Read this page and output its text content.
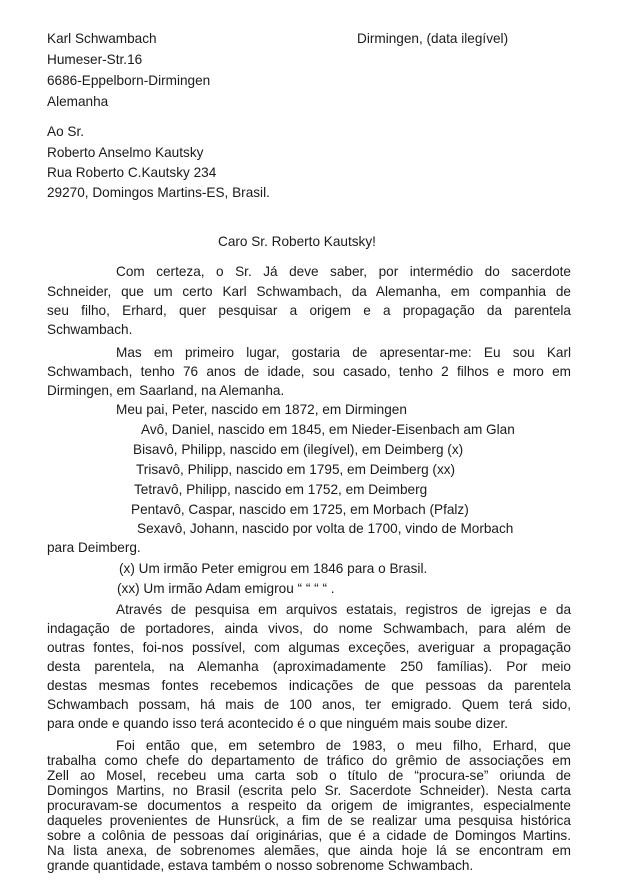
Karl Schwambach
Humeser-Str.16
6686-Eppelborn-Dirmingen
Alemanha
Dirmingen, (data ilegível)
Ao Sr.
Roberto Anselmo Kautsky
Rua Roberto C.Kautsky 234
29270, Domingos Martins-ES, Brasil.
Caro Sr. Roberto Kautsky!
Com certeza, o Sr. Já deve saber, por intermédio do sacerdote
Schneider, que um certo Karl Schwambach, da Alemanha, em companhia de
seu filho, Erhard, quer pesquisar a origem e a propagação da parentela
Schwambach.
Mas em primeiro lugar, gostaria de apresentar-me: Eu sou Karl
Schwambach, tenho 76 anos de idade, sou casado, tenho 2 filhos e moro em
Dirmingen, em Saarland, na Alemanha.
Meu pai, Peter, nascido em 1872, em Dirmingen
Avô, Daniel, nascido em 1845, em Nieder-Eisenbach am Glan
Bisavô, Philipp, nascido em (ilegível), em Deimberg (x)
Trisavô, Philipp, nascido em 1795, em Deimberg (xx)
Tetravô, Philipp, nascido em 1752, em Deimberg
Pentavô, Caspar, nascido em 1725, em Morbach (Pfalz)
Sexavô, Johann, nascido por volta de 1700, vindo de Morbach
para Deimberg.
(x) Um irmão Peter emigrou em 1846 para o Brasil.
(xx) Um irmão Adam emigrou “ “ “ “ .
Através de pesquisa em arquivos estatais, registros de igrejas e da
indagação de portadores, ainda vivos, do nome Schwambach, para além de
outras fontes, foi-nos possível, com algumas exceções, averiguar a propagação
desta parentela, na Alemanha (aproximadamente 250 famílias). Por meio
destas mesmas fontes recebemos indicações de que pessoas da parentela
Schwambach possam, há mais de 100 anos, ter emigrado. Quem terá sido,
para onde e quando isso terá acontecido é o que ninguém mais soube dizer.
Foi então que, em setembro de 1983, o meu filho, Erhard, que
trabalha como chefe do departamento de tráfico do grêmio de associações em
Zell ao Mosel, recebeu uma carta sob o título de “procura-se” oriunda de
Domingos Martins, no Brasil (escrita pelo Sr. Sacerdote Schneider). Nesta carta
procuravam-se documentos a respeito da origem de imigrantes, especialmente
daqueles provenientes de Hunsrück, a fim de se realizar uma pesquisa histórica
sobre a colônia de pessoas daí originárias, que é a cidade de Domingos Martins.
Na lista anexa, de sobrenomes alemães, que ainda hoje lá se encontram em
grande quantidade, estava também o nosso sobrenome Schwambach.
